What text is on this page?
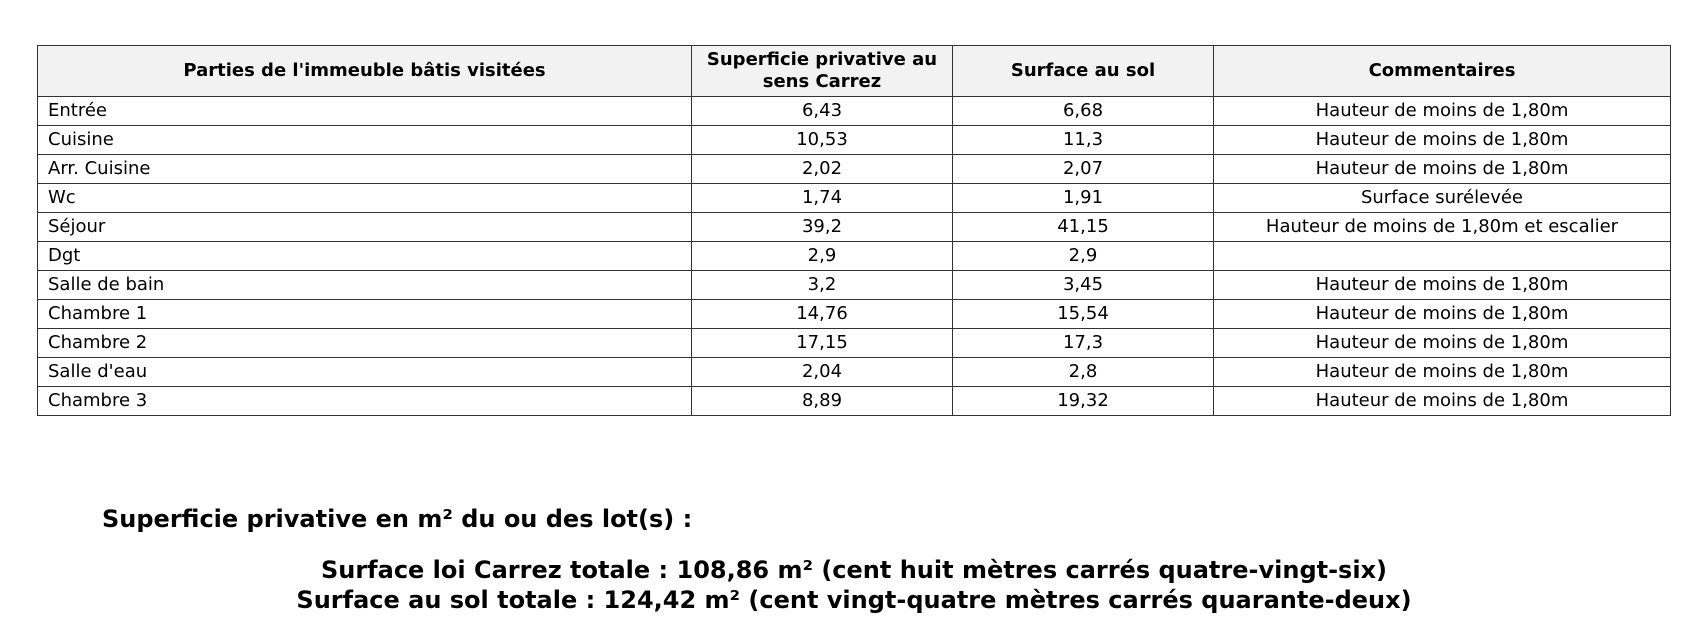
Parties de l'immeuble bâtis visitées	Superficie privative au sens Carrez	Surface au sol	Commentaires
Entrée	6,43	6,68	Hauteur de moins de 1,80m
Cuisine	10,53	11,3	Hauteur de moins de 1,80m
Arr. Cuisine	2,02	2,07	Hauteur de moins de 1,80m
Wc	1,74	1,91	Surface surélevée
Séjour	39,2	41,15	Hauteur de moins de 1,80m et escalier
Dgt	2,9	2,9	
Salle de bain	3,2	3,45	Hauteur de moins de 1,80m
Chambre 1	14,76	15,54	Hauteur de moins de 1,80m
Chambre 2	17,15	17,3	Hauteur de moins de 1,80m
Salle d'eau	2,04	2,8	Hauteur de moins de 1,80m
Chambre 3	8,89	19,32	Hauteur de moins de 1,80m
Superficie privative en m² du ou des lot(s) :
Surface loi Carrez totale : 108,86 m² (cent huit mètres carrés quatre-vingt-six)
Surface au sol totale : 124,42 m² (cent vingt-quatre mètres carrés quarante-deux)
